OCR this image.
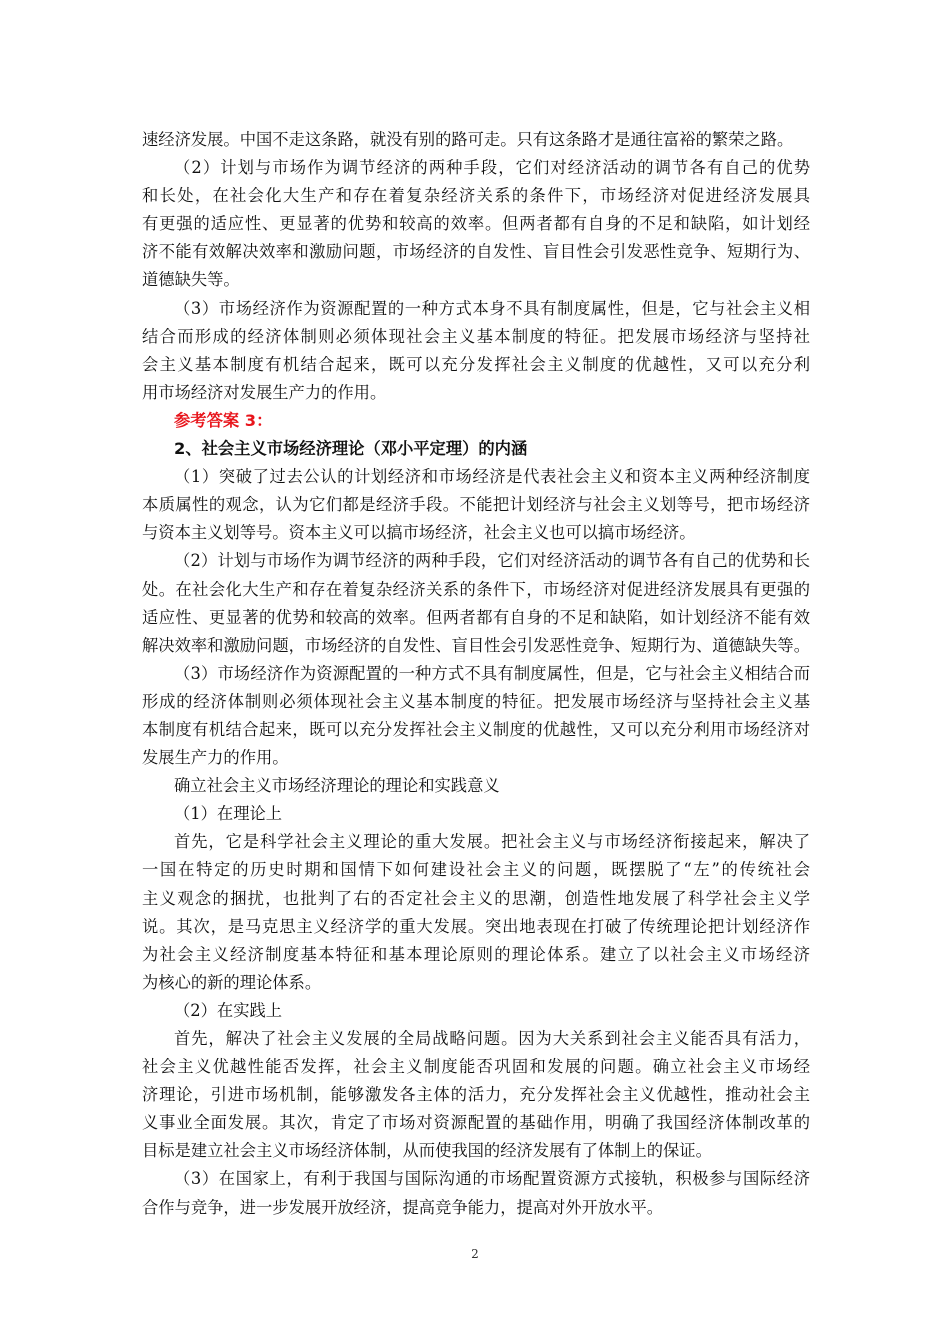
速经济发展。中国不走这条路，就没有别的路可走。只有这条路才是通往富裕的繁荣之路。
（2）计划与市场作为调节经济的两种手段，它们对经济活动的调节各有自己的优势
和长处，在社会化大生产和存在着复杂经济关系的条件下，市场经济对促进经济发展具
有更强的适应性、更显著的优势和较高的效率。但两者都有自身的不足和缺陷，如计划经
济不能有效解决效率和激励问题，市场经济的自发性、盲目性会引发恶性竞争、短期行为、
道德缺失等。
（3）市场经济作为资源配置的一种方式本身不具有制度属性，但是，它与社会主义相
结合而形成的经济体制则必须体现社会主义基本制度的特征。把发展市场经济与坚持社
会主义基本制度有机结合起来，既可以充分发挥社会主义制度的优越性，又可以充分利
用市场经济对发展生产力的作用。
参考答案 3：
2、社会主义市场经济理论（邓小平定理）的内涵
（1）突破了过去公认的计划经济和市场经济是代表社会主义和资本主义两种经济制度
本质属性的观念，认为它们都是经济手段。不能把计划经济与社会主义划等号，把市场经济
与资本主义划等号。资本主义可以搞市场经济，社会主义也可以搞市场经济。
（2）计划与市场作为调节经济的两种手段，它们对经济活动的调节各有自己的优势和长
处。在社会化大生产和存在着复杂经济关系的条件下，市场经济对促进经济发展具有更强的
适应性、更显著的优势和较高的效率。但两者都有自身的不足和缺陷，如计划经济不能有效
解决效率和激励问题，市场经济的自发性、盲目性会引发恶性竞争、短期行为、道德缺失等。
（3）市场经济作为资源配置的一种方式不具有制度属性，但是，它与社会主义相结合而
形成的经济体制则必须体现社会主义基本制度的特征。把发展市场经济与坚持社会主义基
本制度有机结合起来，既可以充分发挥社会主义制度的优越性，又可以充分利用市场经济对
发展生产力的作用。
确立社会主义市场经济理论的理论和实践意义
（1）在理论上
首先，它是科学社会主义理论的重大发展。把社会主义与市场经济衔接起来，解决了
一国在特定的历史时期和国情下如何建设社会主义的问题，既摆脱了“左”的传统社会
主义观念的捆扰，也批判了右的否定社会主义的思潮，创造性地发展了科学社会主义学
说。其次，是马克思主义经济学的重大发展。突出地表现在打破了传统理论把计划经济作
为社会主义经济制度基本特征和基本理论原则的理论体系。建立了以社会主义市场经济
为核心的新的理论体系。
（2）在实践上
首先，解决了社会主义发展的全局战略问题。因为大关系到社会主义能否具有活力，
社会主义优越性能否发挥，社会主义制度能否巩固和发展的问题。确立社会主义市场经
济理论，引进市场机制，能够激发各主体的活力，充分发挥社会主义优越性，推动社会主
义事业全面发展。其次，肯定了市场对资源配置的基础作用，明确了我国经济体制改革的
目标是建立社会主义市场经济体制，从而使我国的经济发展有了体制上的保证。
（3）在国家上，有利于我国与国际沟通的市场配置资源方式接轨，积极参与国际经济
合作与竞争，进一步发展开放经济，提高竞争能力，提高对外开放水平。
2
